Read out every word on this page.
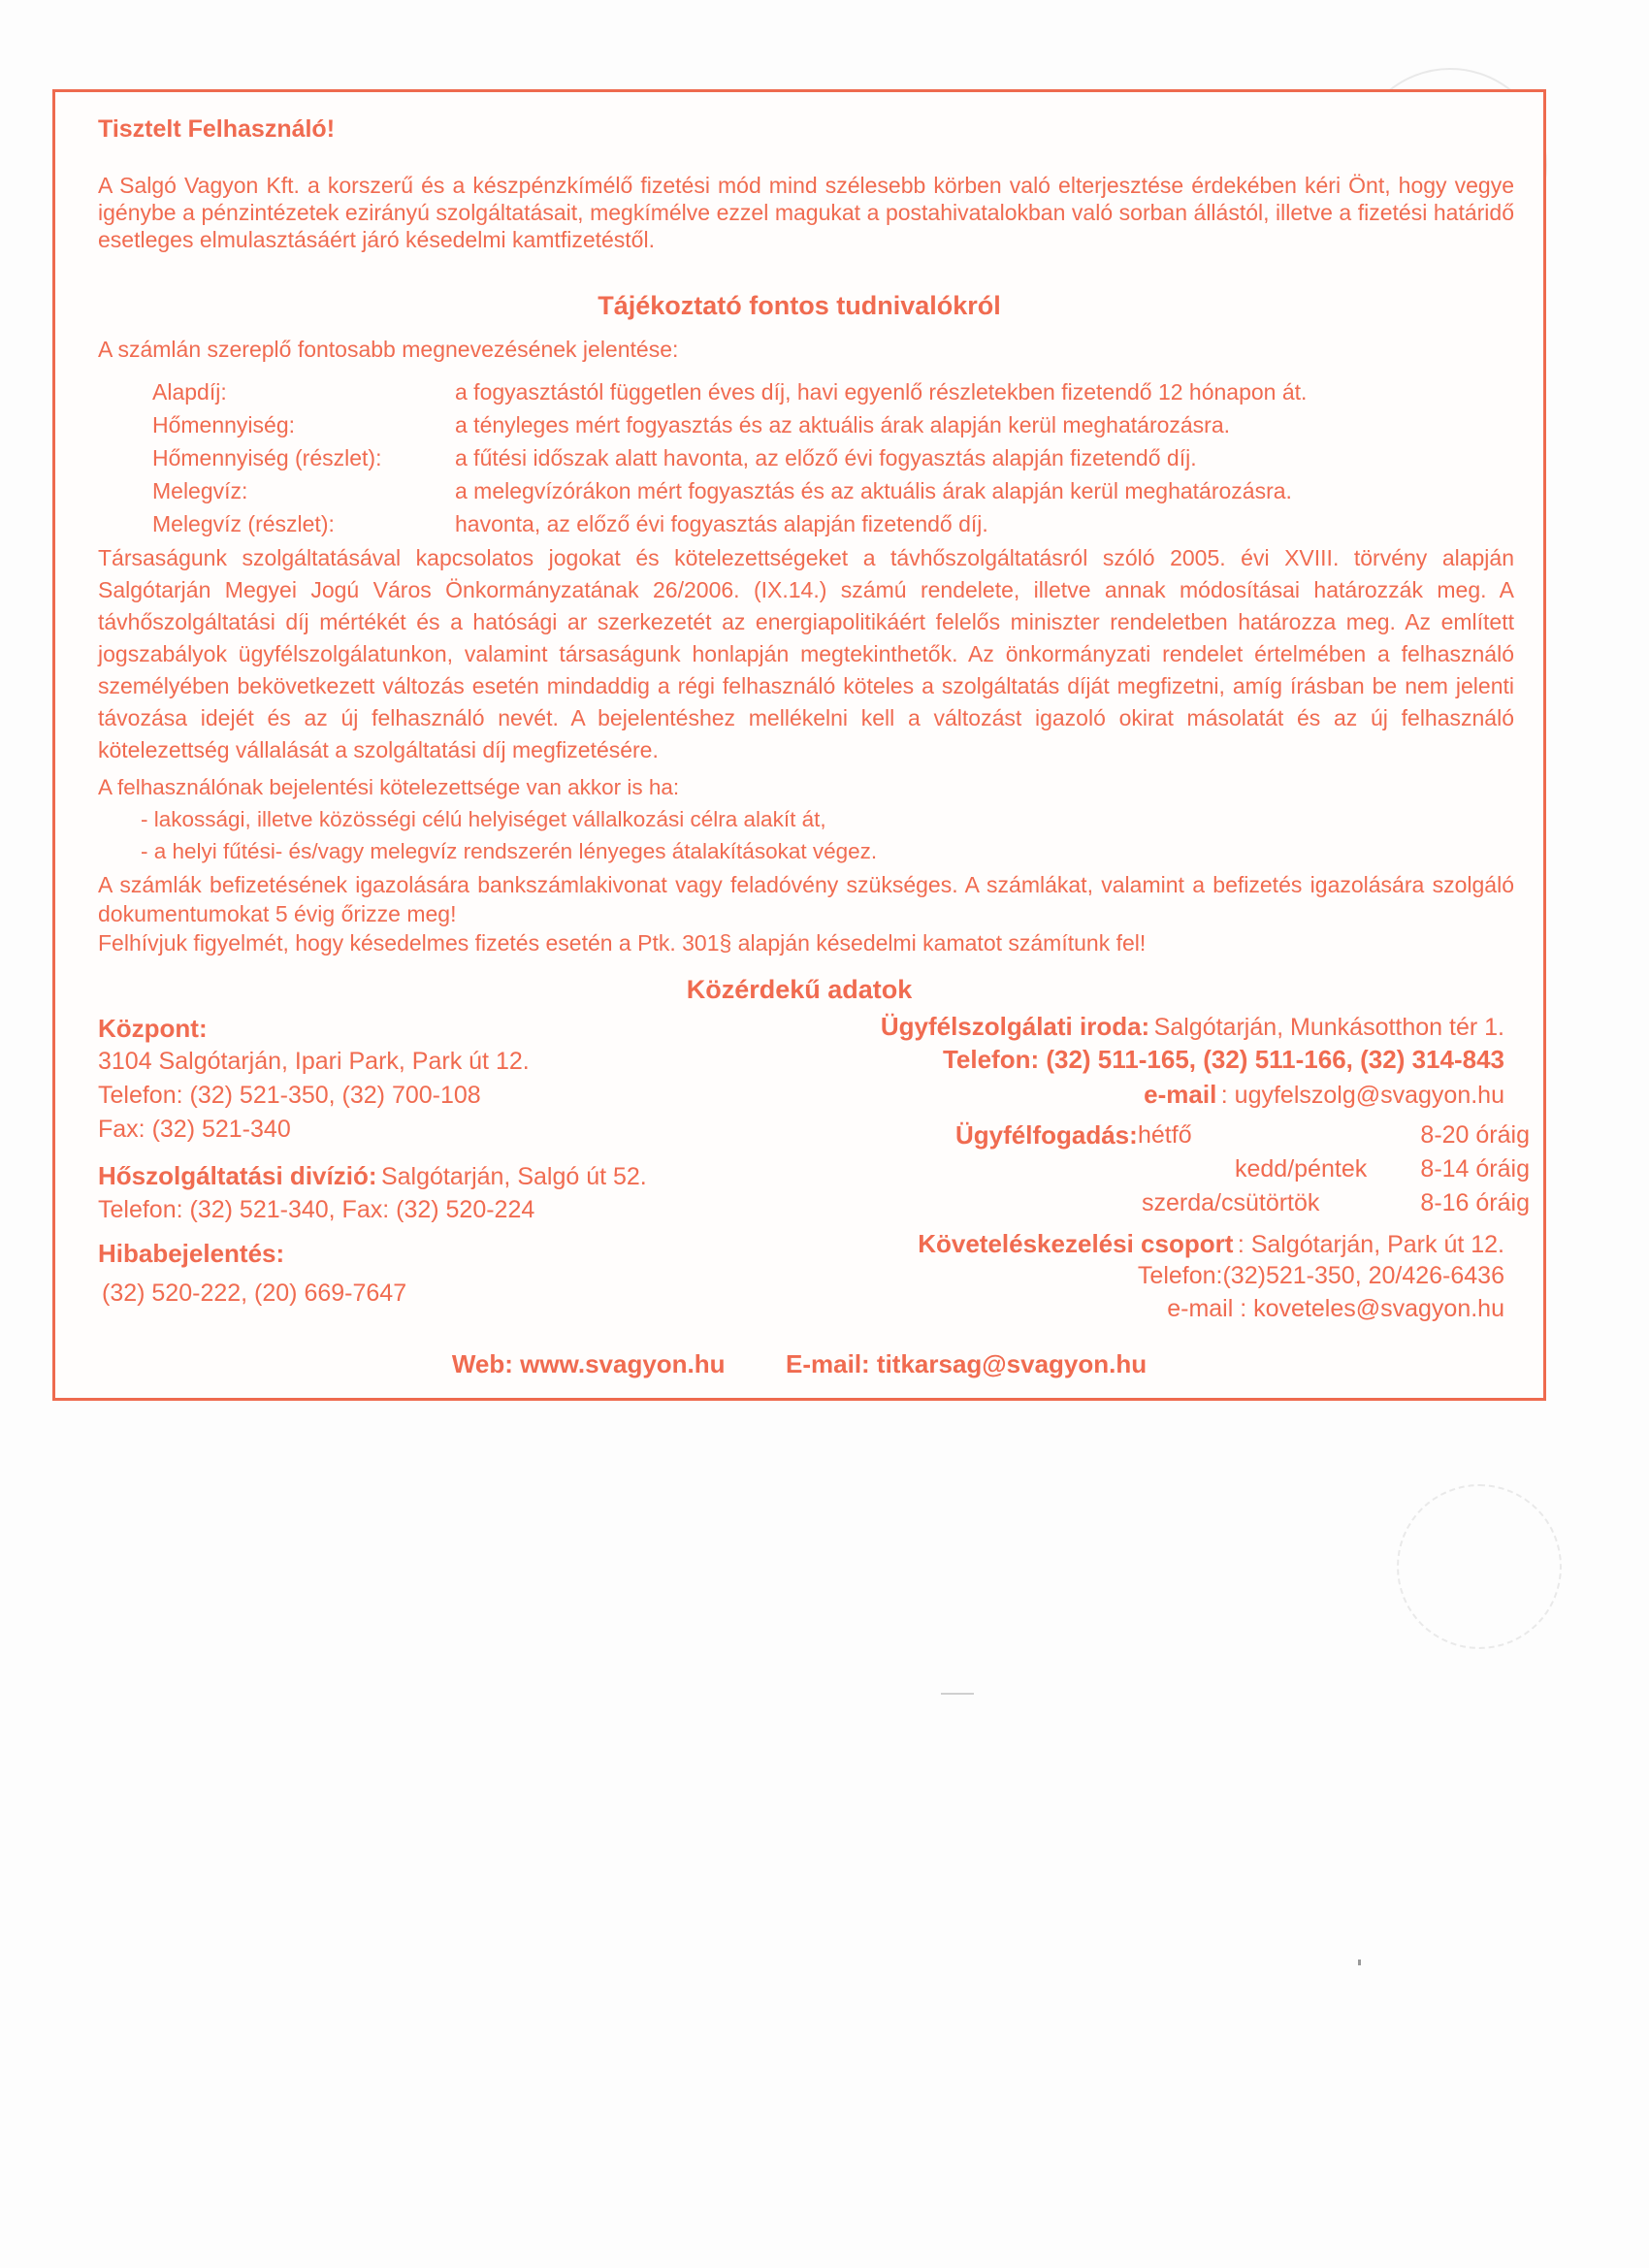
Tisztelt Felhasználó!
A Salgó Vagyon Kft. a korszerű és a készpénzkímélő fizetési mód mind szélesebb körben való elterjesztése érdekében kéri Önt, hogy vegye igénybe a pénzintézetek ezirányú szolgáltatásait, megkímélve ezzel magukat a postahivatalokban való sorban állástól, illetve a fizetési határidő esetleges elmulasztásáért járó késedelmi kamtfizetéstől.
Tájékoztató fontos tudnivalókról
A számlán szereplő fontosabb megnevezésének jelentése:
Alapdíj:	a fogyasztástól független éves díj, havi egyenlő részletekben fizetendő 12 hónapon át.
Hőmennyiség:	a tényleges mért fogyasztás és az aktuális árak alapján kerül meghatározásra.
Hőmennyiség (részlet):	a fűtési időszak alatt havonta, az előző évi fogyasztás alapján fizetendő díj.
Melegvíz:	a melegvízórákon mért fogyasztás és az aktuális árak alapján kerül meghatározásra.
Melegvíz (részlet):	havonta, az előző évi fogyasztás alapján fizetendő díj.
Társaságunk szolgáltatásával kapcsolatos jogokat és kötelezettségeket a távhőszolgáltatásról szóló 2005. évi XVIII. törvény alapján Salgótarján Megyei Jogú Város Önkormányzatának 26/2006. (IX.14.) számú rendelete, illetve annak módosításai határozzák meg. A távhőszolgáltatási díj mértékét és a hatósági ar szerkezetét az energiapolitikáért felelős miniszter rendeletben határozza meg. Az említett jogszabályok ügyfélszolgálatunkon, valamint társaságunk honlapján megtekinthetők. Az önkormányzati rendelet értelmében a felhasználó személyében bekövetkezett változás esetén mindaddig a régi felhasználó köteles a szolgáltatás díját megfizetni, amíg írásban be nem jelenti távozása idejét és az új felhasználó nevét. A bejelentéshez mellékelni kell a változást igazoló okirat másolatát és az új felhasználó kötelezettség vállalását a szolgáltatási díj megfizetésére.
A felhasználónak bejelentési kötelezettsége van akkor is ha:
- lakossági, illetve közösségi célú helyiséget vállalkozási célra alakít át,
- a helyi fűtési- és/vagy melegvíz rendszerén lényeges átalakításokat végez.
A számlák befizetésének igazolására bankszámlakivonat vagy feladóvény szükséges. A számlákat, valamint a befizetés igazolására szolgáló dokumentumokat 5 évig őrizze meg!
Felhívjuk figyelmét, hogy késedelmes fizetés esetén a Ptk. 301§ alapján késedelmi kamatot számítunk fel!
Közérdekű adatok
Központ:
3104 Salgótarján, Ipari Park, Park út 12.
Telefon: (32) 521-350, (32) 700-108
Fax: (32) 521-340
Hőszolgáltatási divízió: Salgótarján, Salgó út 52.
Telefon: (32) 521-340, Fax: (32) 520-224
Hibabejelentés:
(32) 520-222, (20) 669-7647
Ügyfélszolgálati iroda: Salgótarján, Munkásotthon tér 1.
Telefon: (32) 511-165, (32) 511-166, (32) 314-843
e-mail : ugyfelszolg@svagyon.hu
Ügyfélfogadás: hétfő	8-20 óráig
kedd/péntek 8-14 óráig
szerda/csütörtök	8-16 óráig
Követeléskezelési csoport : Salgótarján, Park út 12.
Telefon:(32)521-350, 20/426-6436
e-mail : koveteles@svagyon.hu
Web: www.svagyon.hu E-mail: titkarsag@svagyon.hu
